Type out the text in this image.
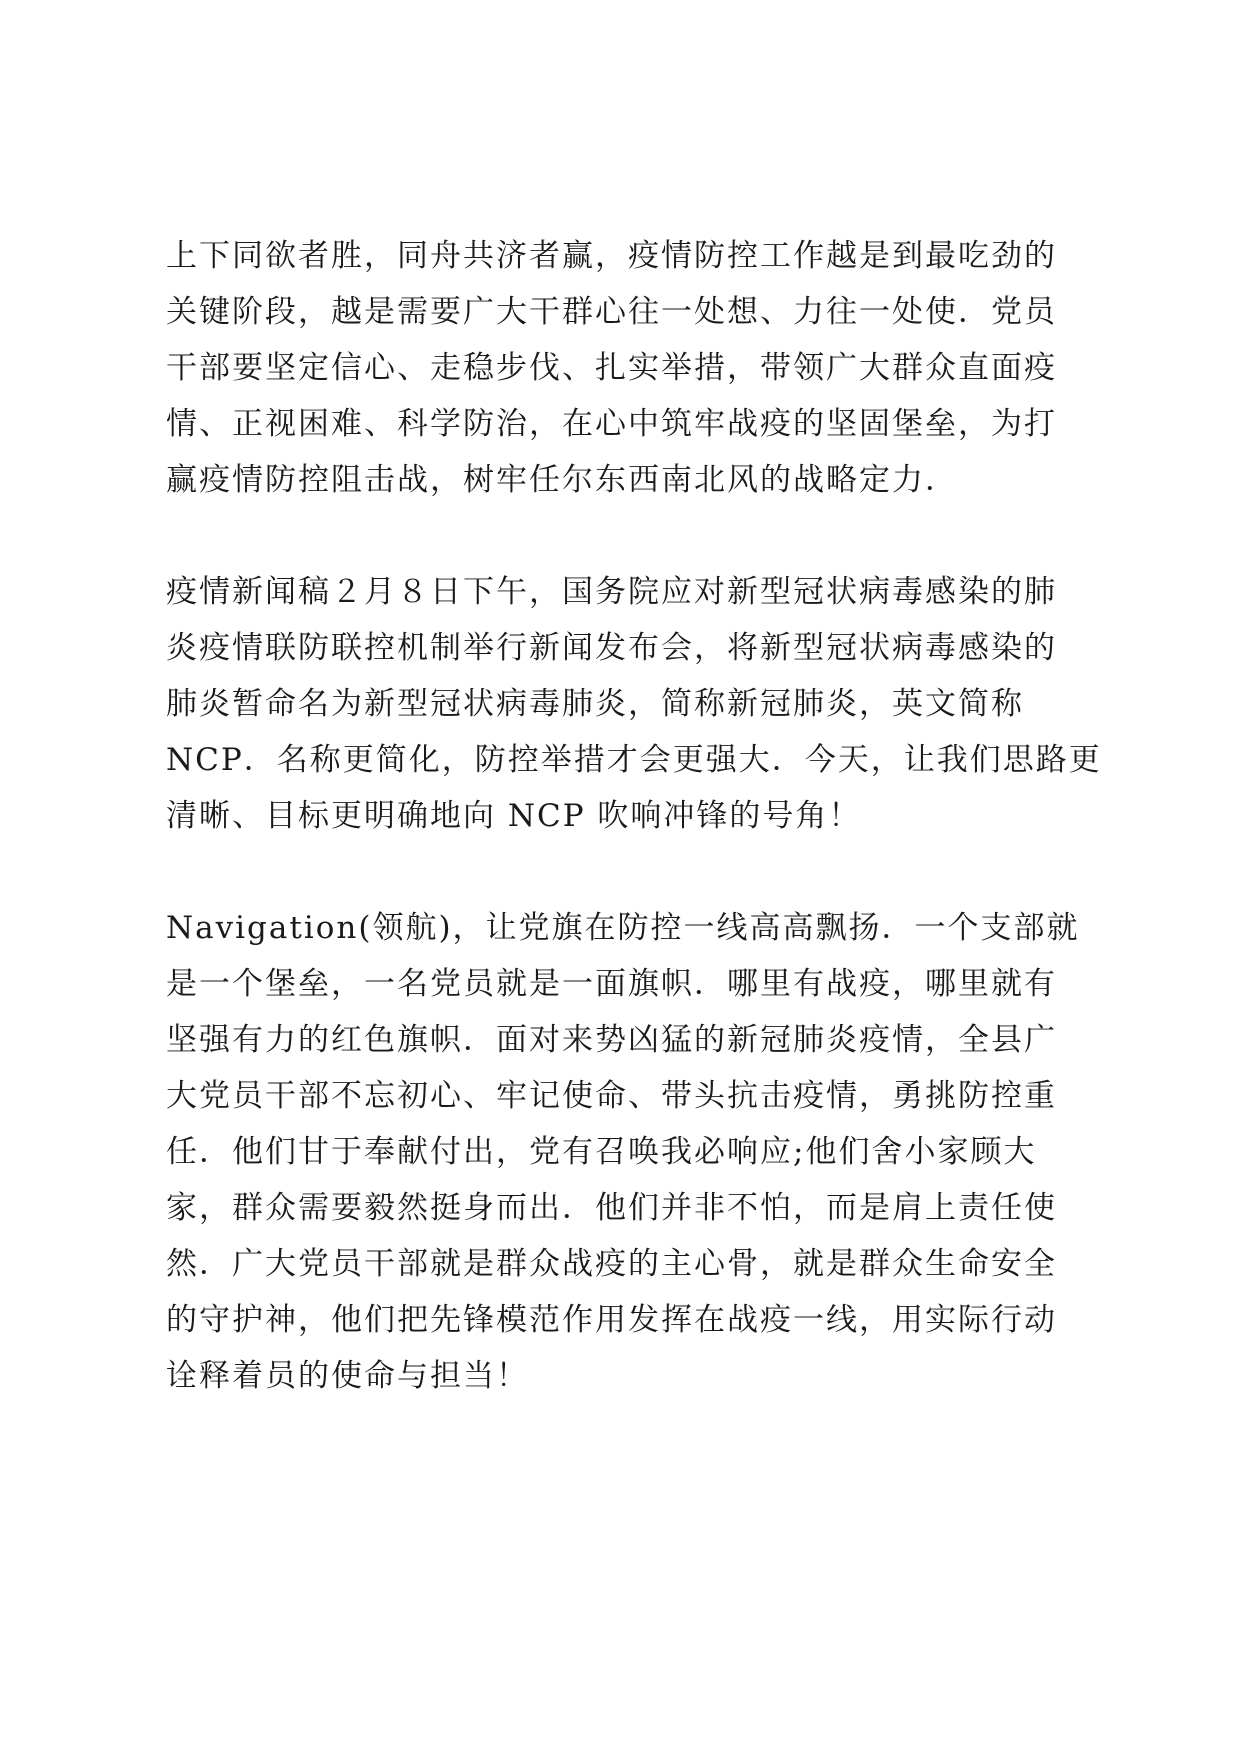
上下同欲者胜，同舟共济者赢，疫情防控工作越是到最吃劲的
关键阶段，越是需要广大干群心往一处想、力往一处使．党员
干部要坚定信心、走稳步伐、扎实举措，带领广大群众直面疫
情、正视困难、科学防治，在心中筑牢战疫的坚固堡垒，为打
赢疫情防控阻击战，树牢任尔东西南北风的战略定力．

疫情新闻稿２月８日下午，国务院应对新型冠状病毒感染的肺
炎疫情联防联控机制举行新闻发布会，将新型冠状病毒感染的
肺炎暂命名为新型冠状病毒肺炎，简称新冠肺炎，英文简称
NCP．名称更简化，防控举措才会更强大．今天，让我们思路更
清晰、目标更明确地向 NCP 吹响冲锋的号角！

Navigation(领航)，让党旗在防控一线高高飘扬．一个支部就
是一个堡垒，一名党员就是一面旗帜．哪里有战疫，哪里就有
坚强有力的红色旗帜．面对来势凶猛的新冠肺炎疫情，全县广
大党员干部不忘初心、牢记使命、带头抗击疫情，勇挑防控重
任．他们甘于奉献付出，党有召唤我必响应;他们舍小家顾大
家，群众需要毅然挺身而出．他们并非不怕，而是肩上责任使
然．广大党员干部就是群众战疫的主心骨，就是群众生命安全
的守护神，他们把先锋模范作用发挥在战疫一线，用实际行动
诠释着员的使命与担当！
